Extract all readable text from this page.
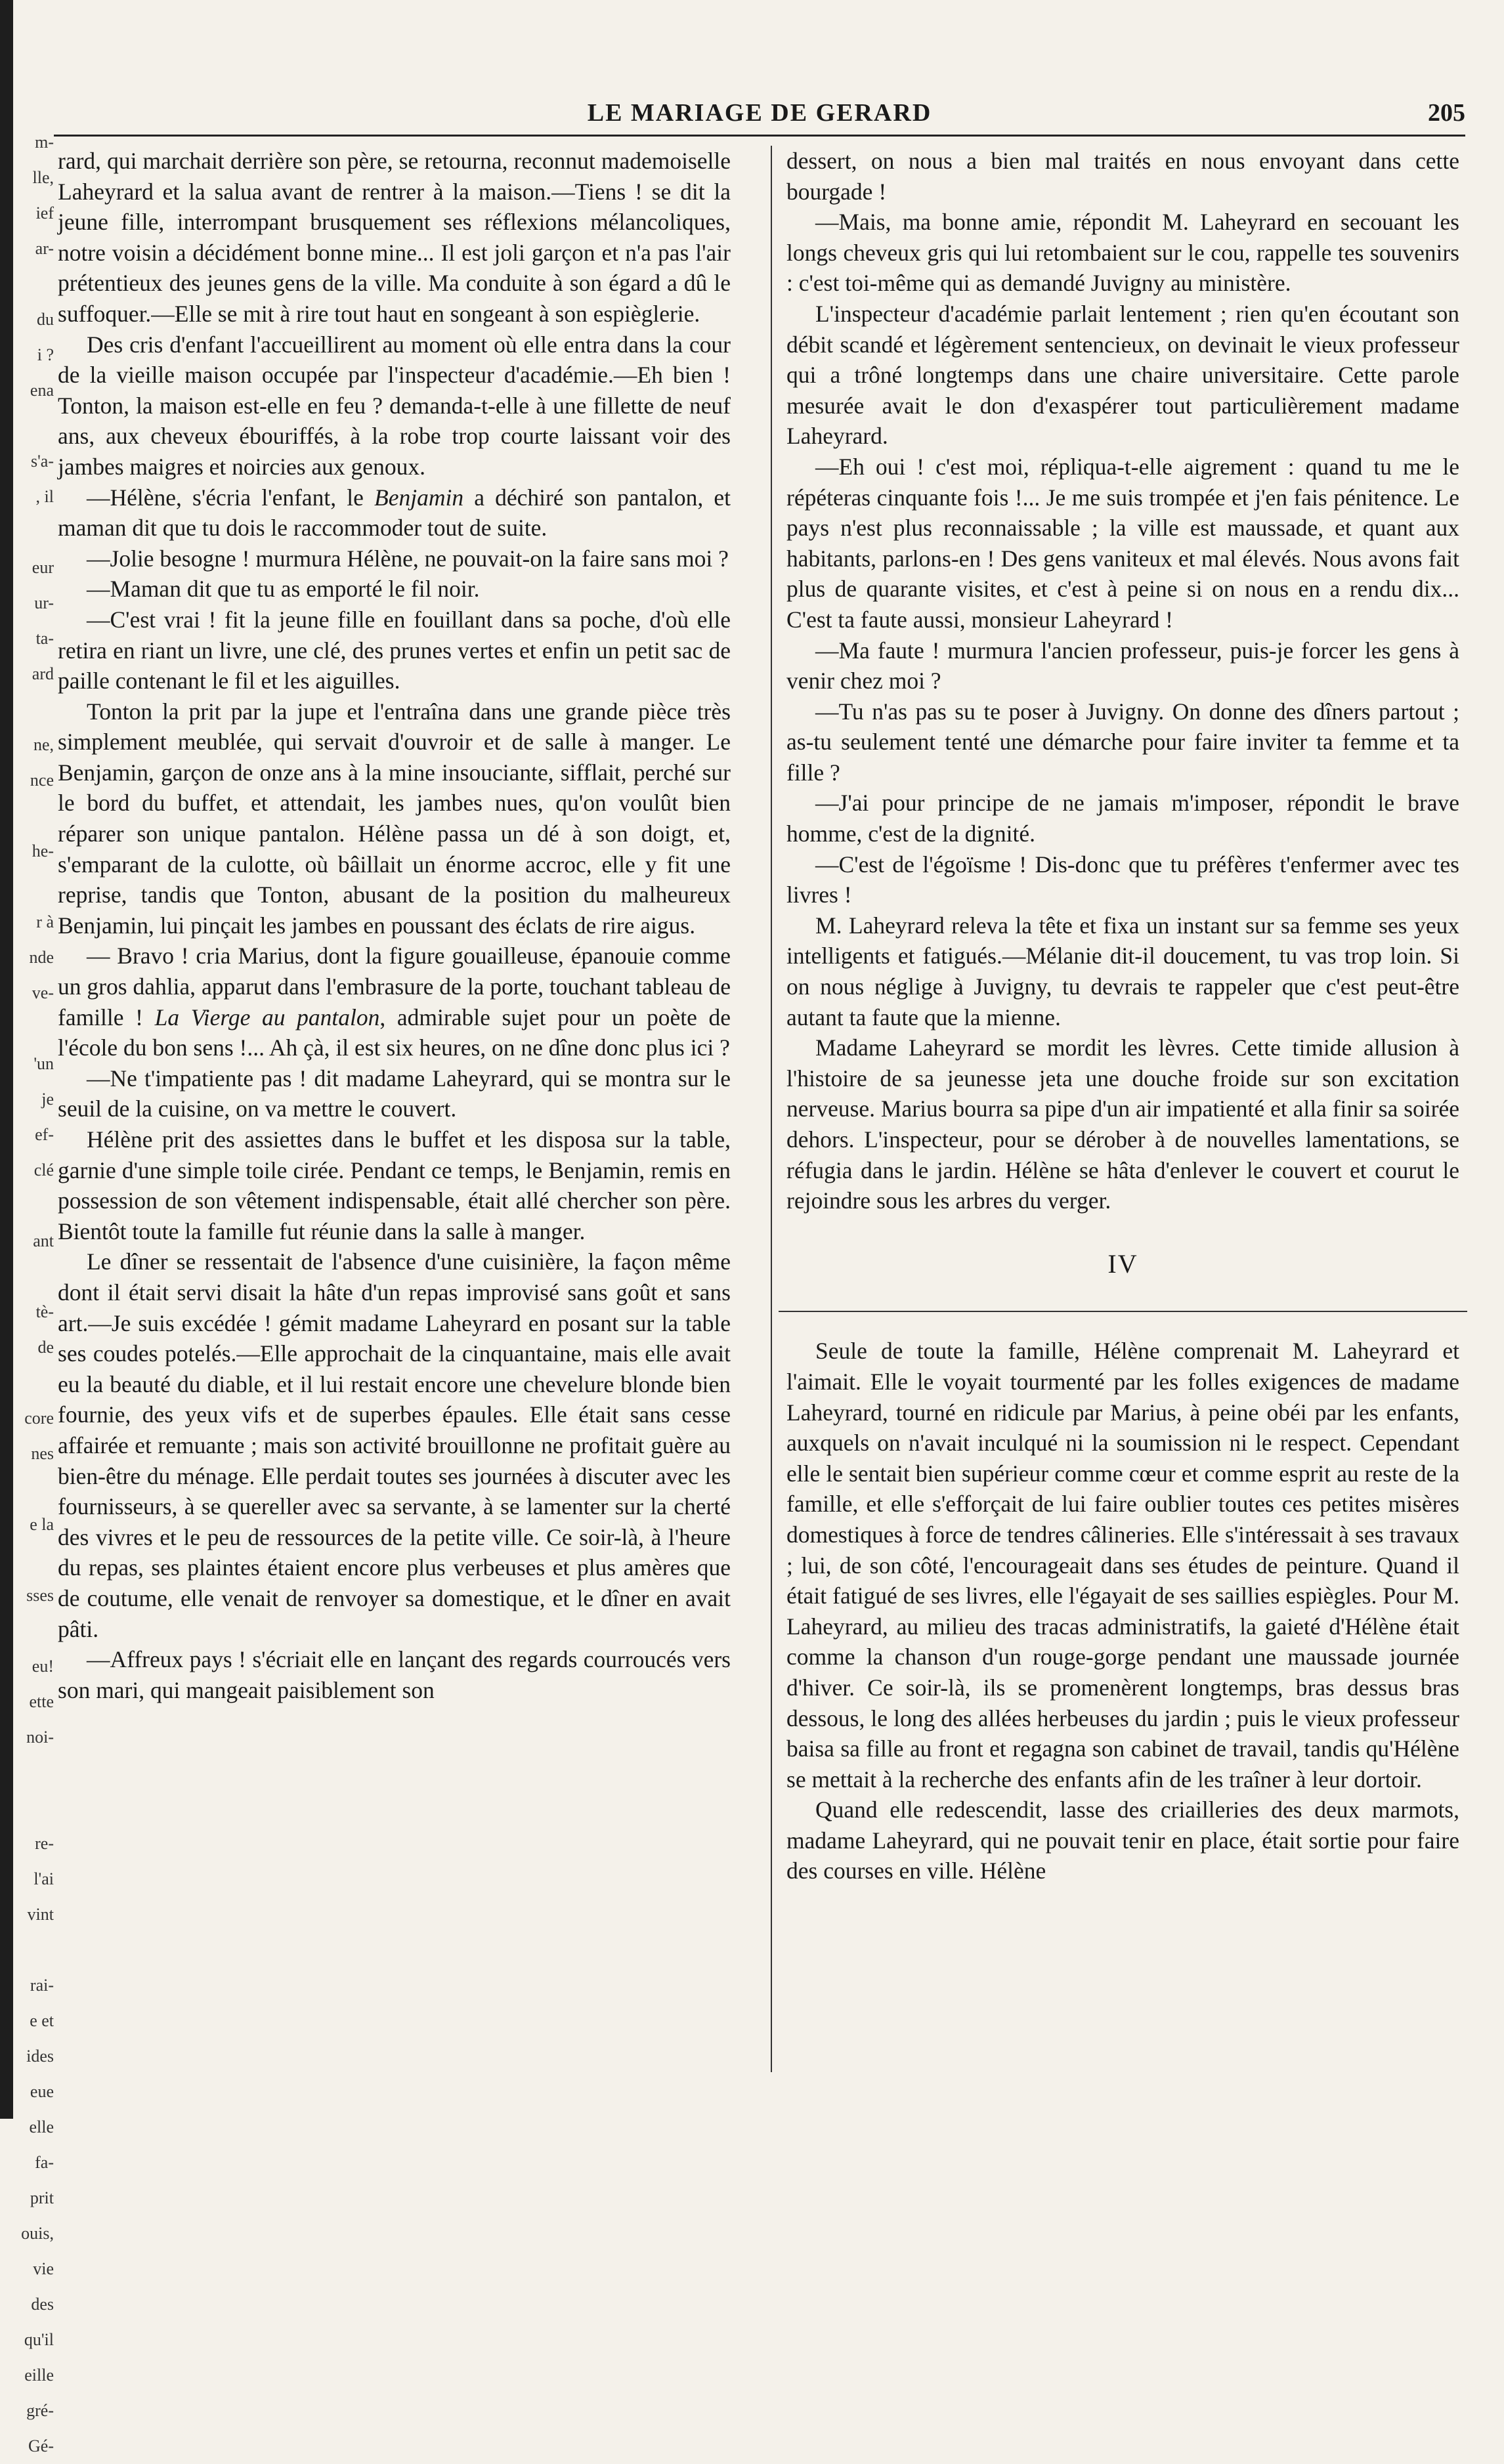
m-
lle,
ief
ar-
du
i ?
ena
s'a-
, il
eur
ur-
ta-
ard
ne,
nce
he-
r à
nde
ve-
'un
je
ef-
clé
ant
tè-
de
core
nes
e la
sses
eu!
ette
noi-
re-
l'ai
vint
rai-
e et
ides
eue
elle
fa-
prit
ouis,
vie
des
qu'il
eille
gré-
Gé-
LE MARIAGE DE GERARD	205

rard, qui marchait derrière son père, se retourna, reconnut mademoiselle Laheyrard et la salua avant de rentrer à la maison.—Tiens ! se dit la jeune fille, interrompant brusquement ses réflexions mélancoliques, notre voisin a décidément bonne mine... Il est joli garçon et n'a pas l'air prétentieux des jeunes gens de la ville. Ma conduite à son égard a dû le suffoquer.—Elle se mit à rire tout haut en songeant à son espièglerie.

Des cris d'enfant l'accueillirent au moment où elle entra dans la cour de la vieille maison occupée par l'inspecteur d'académie.—Eh bien ! Tonton, la maison est-elle en feu ? demanda-t-elle à une fillette de neuf ans, aux cheveux ébouriffés, à la robe trop courte laissant voir des jambes maigres et noircies aux genoux.

—Hélène, s'écria l'enfant, le Benjamin a déchiré son pantalon, et maman dit que tu dois le raccommoder tout de suite.

—Jolie besogne ! murmura Hélène, ne pouvait-on la faire sans moi ?

—Maman dit que tu as emporté le fil noir.

—C'est vrai ! fit la jeune fille en fouillant dans sa poche, d'où elle retira en riant un livre, une clé, des prunes vertes et enfin un petit sac de paille contenant le fil et les aiguilles.

Tonton la prit par la jupe et l'entraîna dans une grande pièce très simplement meublée, qui servait d'ouvroir et de salle à manger. Le Benjamin, garçon de onze ans à la mine insouciante, sifflait, perché sur le bord du buffet, et attendait, les jambes nues, qu'on voulût bien réparer son unique pantalon. Hélène passa un dé à son doigt, et, s'emparant de la culotte, où bâillait un énorme accroc, elle y fit une reprise, tandis que Tonton, abusant de la position du malheureux Benjamin, lui pinçait les jambes en poussant des éclats de rire aigus.

— Bravo ! cria Marius, dont la figure gouailleuse, épanouie comme un gros dahlia, apparut dans l'embrasure de la porte, touchant tableau de famille ! La Vierge au pantalon, admirable sujet pour un poète de l'école du bon sens !... Ah çà, il est six heures, on ne dîne donc plus ici ?

—Ne t'impatiente pas ! dit madame Laheyrard, qui se montra sur le seuil de la cuisine, on va mettre le couvert.

Hélène prit des assiettes dans le buffet et les disposa sur la table, garnie d'une simple toile cirée. Pendant ce temps, le Benjamin, remis en possession de son vêtement indispensable, était allé chercher son père. Bientôt toute la famille fut réunie dans la salle à manger.

Le dîner se ressentait de l'absence d'une cuisinière, la façon même dont il était servi disait la hâte d'un repas improvisé sans goût et sans art.—Je suis excédée ! gémit madame Laheyrard en posant sur la table ses coudes potelés.—Elle approchait de la cinquantaine, mais elle avait eu la beauté du diable, et il lui restait encore une chevelure blonde bien fournie, des yeux vifs et de superbes épaules. Elle était sans cesse affairée et remuante ; mais son activité brouillonne ne profitait guère au bien-être du ménage. Elle perdait toutes ses journées à discuter avec les fournisseurs, à se quereller avec sa servante, à se lamenter sur la cherté des vivres et le peu de ressources de la petite ville. Ce soir-là, à l'heure du repas, ses plaintes étaient encore plus verbeuses et plus amères que de coutume, elle venait de renvoyer sa domestique, et le dîner en avait pâti.

—Affreux pays ! s'écriait elle en lançant des regards courroucés vers son mari, qui mangeait paisiblement son

dessert, on nous a bien mal traités en nous envoyant dans cette bourgade !

—Mais, ma bonne amie, répondit M. Laheyrard en secouant les longs cheveux gris qui lui retombaient sur le cou, rappelle tes souvenirs : c'est toi-même qui as demandé Juvigny au ministère.

L'inspecteur d'académie parlait lentement ; rien qu'en écoutant son débit scandé et légèrement sentencieux, on devinait le vieux professeur qui a trôné longtemps dans une chaire universitaire. Cette parole mesurée avait le don d'exaspérer tout particulièrement madame Laheyrard.

—Eh oui ! c'est moi, répliqua-t-elle aigrement : quand tu me le répéteras cinquante fois !... Je me suis trompée et j'en fais pénitence. Le pays n'est plus reconnaissable ; la ville est maussade, et quant aux habitants, parlons-en ! Des gens vaniteux et mal élevés. Nous avons fait plus de quarante visites, et c'est à peine si on nous en a rendu dix... C'est ta faute aussi, monsieur Laheyrard !

—Ma faute ! murmura l'ancien professeur, puis-je forcer les gens à venir chez moi ?

—Tu n'as pas su te poser à Juvigny. On donne des dîners partout ; as-tu seulement tenté une démarche pour faire inviter ta femme et ta fille ?

—J'ai pour principe de ne jamais m'imposer, répondit le brave homme, c'est de la dignité.

—C'est de l'égoïsme ! Dis-donc que tu préfères t'enfermer avec tes livres !

M. Laheyrard releva la tête et fixa un instant sur sa femme ses yeux intelligents et fatigués.—Mélanie dit-il doucement, tu vas trop loin. Si on nous néglige à Juvigny, tu devrais te rappeler que c'est peut-être autant ta faute que la mienne.

Madame Laheyrard se mordit les lèvres. Cette timide allusion à l'histoire de sa jeunesse jeta une douche froide sur son excitation nerveuse. Marius bourra sa pipe d'un air impatienté et alla finir sa soirée dehors. L'inspecteur, pour se dérober à de nouvelles lamentations, se réfugia dans le jardin. Hélène se hâta d'enlever le couvert et courut le rejoindre sous les arbres du verger.

IV

Seule de toute la famille, Hélène comprenait M. Laheyrard et l'aimait. Elle le voyait tourmenté par les folles exigences de madame Laheyrard, tourné en ridicule par Marius, à peine obéi par les enfants, auxquels on n'avait inculqué ni la soumission ni le respect. Cependant elle le sentait bien supérieur comme cœur et comme esprit au reste de la famille, et elle s'efforçait de lui faire oublier toutes ces petites misères domestiques à force de tendres câlineries. Elle s'intéressait à ses travaux ; lui, de son côté, l'encourageait dans ses études de peinture. Quand il était fatigué de ses livres, elle l'égayait de ses saillies espiègles. Pour M. Laheyrard, au milieu des tracas administratifs, la gaieté d'Hélène était comme la chanson d'un rouge-gorge pendant une maussade journée d'hiver. Ce soir-là, ils se promenèrent longtemps, bras dessus bras dessous, le long des allées herbeuses du jardin ; puis le vieux professeur baisa sa fille au front et regagna son cabinet de travail, tandis qu'Hélène se mettait à la recherche des enfants afin de les traîner à leur dortoir.

Quand elle redescendit, lasse des criailleries des deux marmots, madame Laheyrard, qui ne pouvait tenir en place, était sortie pour faire des courses en ville. Hélène
